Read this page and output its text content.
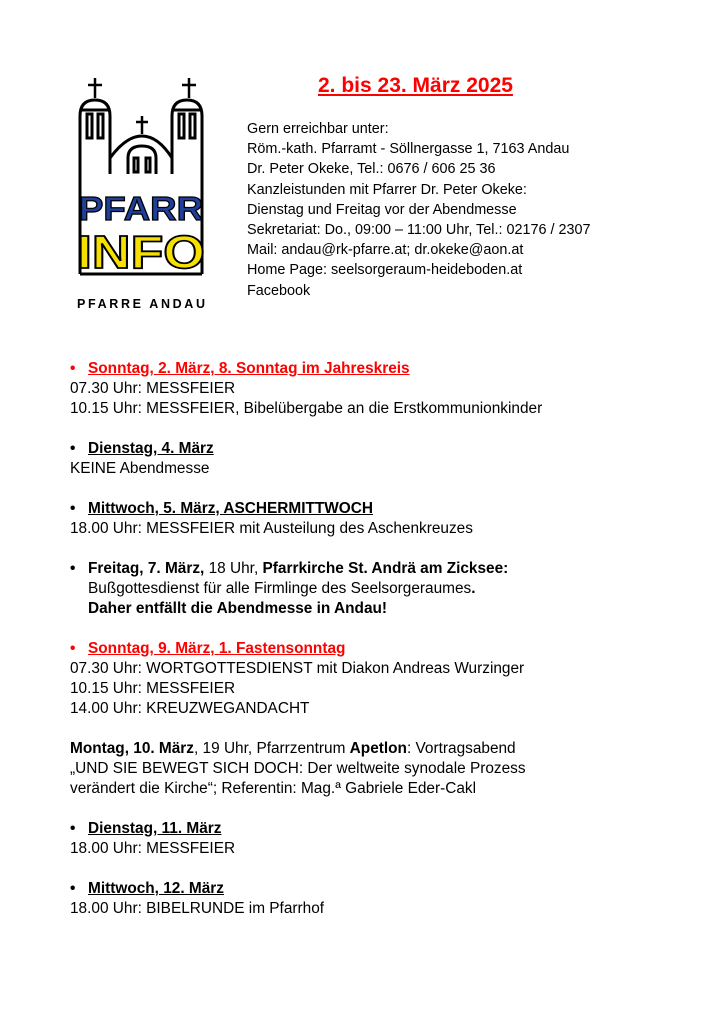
PFARR
INFO
PFARRE ANDAU
2. bis 23. März 2025
Gern erreichbar unter:
Röm.-kath. Pfarramt - Söllnergasse 1, 7163 Andau
Dr. Peter Okeke, Tel.: 0676 / 606 25 36
Kanzleistunden mit Pfarrer Dr. Peter Okeke:
Dienstag und Freitag vor der Abendmesse
Sekretariat: Do., 09:00 – 11:00 Uhr, Tel.: 02176 / 2307
Mail: andau@rk-pfarre.at; dr.okeke@aon.at
Home Page: seelsorgeraum-heideboden.at
Facebook
• Sonntag, 2. März, 8. Sonntag im Jahreskreis
07.30 Uhr: MESSFEIER
10.15 Uhr: MESSFEIER, Bibelübergabe an die Erstkommunionkinder
• Dienstag, 4. März
KEINE Abendmesse
• Mittwoch, 5. März, ASCHERMITTWOCH
18.00 Uhr: MESSFEIER mit Austeilung des Aschenkreuzes
• Freitag, 7. März, 18 Uhr, Pfarrkirche St. Andrä am Zicksee:
Bußgottesdienst für alle Firmlinge des Seelsorgeraumes.
Daher entfällt die Abendmesse in Andau!
• Sonntag, 9. März, 1. Fastensonntag
07.30 Uhr: WORTGOTTESDIENST mit Diakon Andreas Wurzinger
10.15 Uhr: MESSFEIER
14.00 Uhr: KREUZWEGANDACHT
Montag, 10. März, 19 Uhr, Pfarrzentrum Apetlon: Vortragsabend
„UND SIE BEWEGT SICH DOCH: Der weltweite synodale Prozess
verändert die Kirche“; Referentin: Mag.ª Gabriele Eder-Cakl
• Dienstag, 11. März
18.00 Uhr: MESSFEIER
• Mittwoch, 12. März
18.00 Uhr: BIBELRUNDE im Pfarrhof
